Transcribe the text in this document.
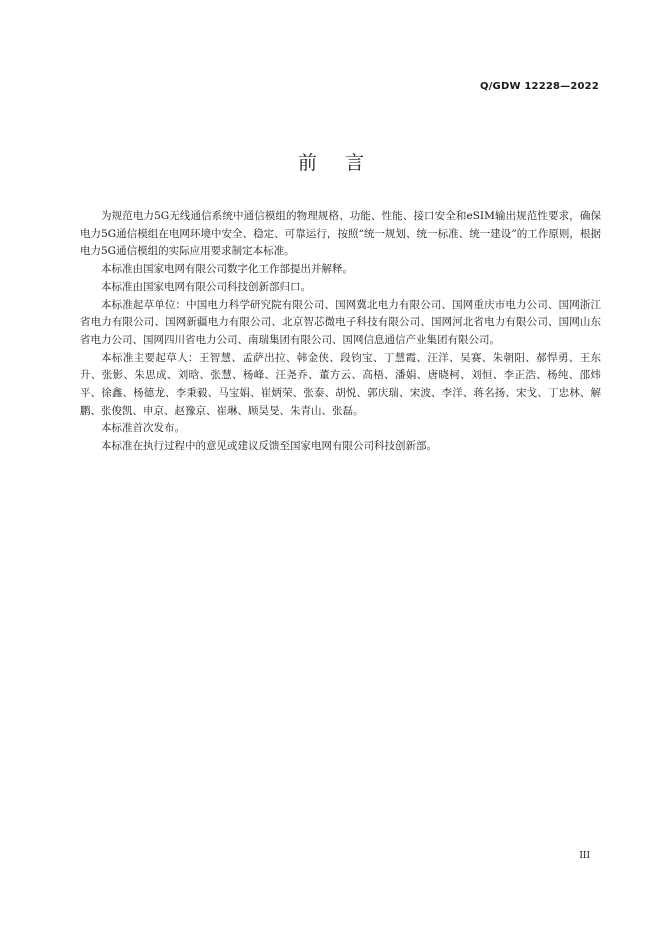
Q/GDW 12228—2022
前言

为规范电力5G无线通信系统中通信模组的物理规格、功能、性能、接口安全和eSIM输出规范性要求，确保电力5G通信模组在电网环境中安全、稳定、可靠运行，按照“统一规划、统一标准、统一建设”的工作原则，根据电力5G通信模组的实际应用要求制定本标准。

本标准由国家电网有限公司数字化工作部提出并解释。

本标准由国家电网有限公司科技创新部归口。

本标准起草单位：中国电力科学研究院有限公司、国网冀北电力有限公司、国网重庆市电力公司、国网浙江省电力有限公司、国网新疆电力有限公司、北京智芯微电子科技有限公司、国网河北省电力有限公司、国网山东省电力公司、国网四川省电力公司、南瑞集团有限公司、国网信息通信产业集团有限公司。

本标准主要起草人：王智慧、孟萨出拉、韩金侠、段钧宝、丁慧霞、汪洋、吴赛、朱朝阳、郝悍勇、王东升、张影、朱思成、刘晗、张慧、杨峰、汪尧乔、董方云、高梧、潘娟、唐晓柯、刘恒、李正浩、杨纯、邵炜平、徐鑫、杨德龙、李秉毅、马宝娟、崔炳荣、张泰、胡悦、郭庆瑞、宋波、李洋、蒋名扬、宋戈、丁忠林、解鹏、张俊凯、申京、赵豫京、崔琳、顾昊旻、朱青山、张磊。

本标准首次发布。

本标准在执行过程中的意见或建议反馈至国家电网有限公司科技创新部。

III
